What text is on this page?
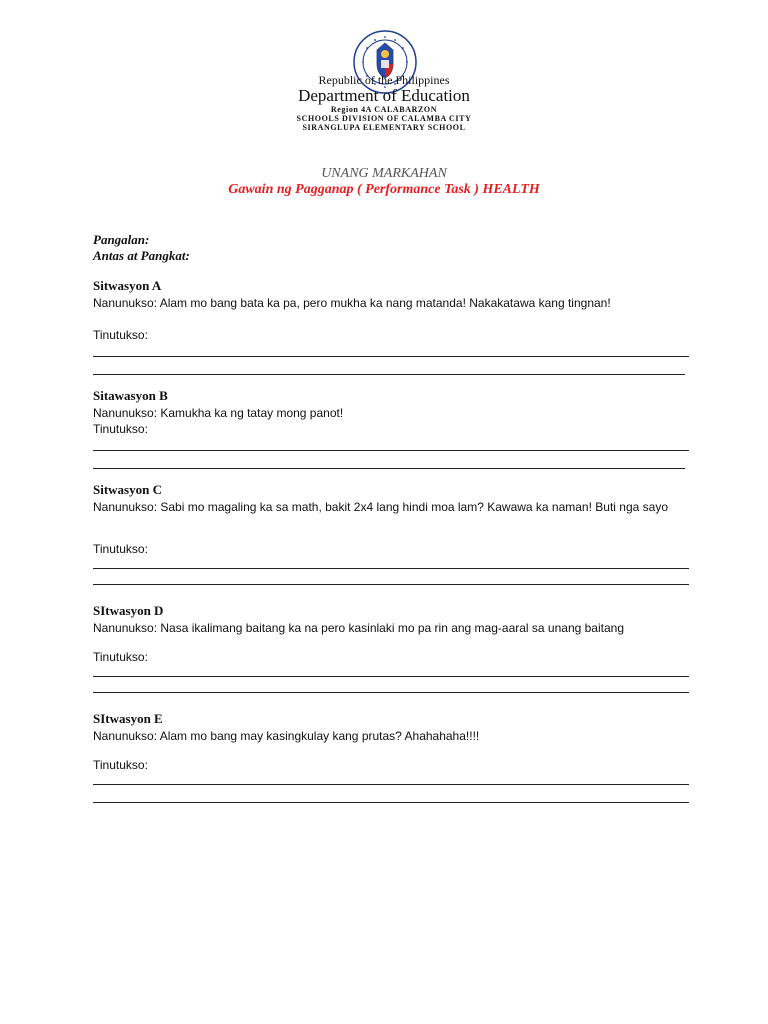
Republic of the Philippines
Department of Education
Region 4A CALABARZON
SCHOOLS DIVISION OF CALAMBA CITY
SIRANGLUPA ELEMENTARY SCHOOL
UNANG MARKAHAN
Gawain ng Pagganap ( Performance Task ) HEALTH
Pangalan:
Antas at Pangkat:
Sitwasyon A
Nanunukso: Alam mo bang bata ka pa, pero mukha ka nang matanda! Nakakatawa kang tingnan!
Tinutukso:
Sitawasyon B
Nanunukso: Kamukha ka ng tatay mong panot!
Tinutukso:
Sitwasyon C
Nanunukso: Sabi mo magaling ka sa math, bakit 2x4 lang hindi moa lam? Kawawa ka naman! Buti nga sayo
Tinutukso:
SItwasyon D
Nanunukso: Nasa ikalimang baitang ka na pero kasinlaki mo pa rin ang mag-aaral sa unang baitang
Tinutukso:
SItwasyon E
Nanunukso: Alam mo bang may kasingkulay kang prutas? Ahahahaha!!!!
Tinutukso:
